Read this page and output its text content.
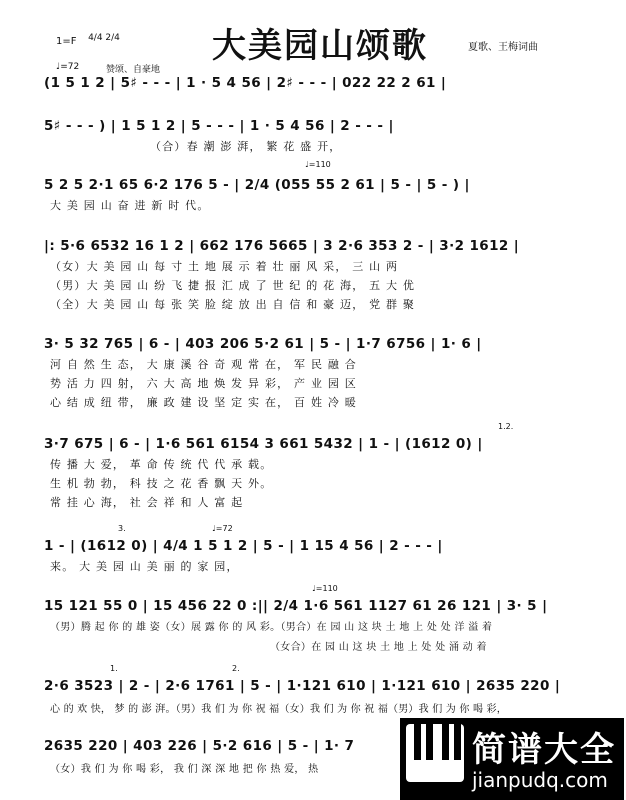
大美园山颂歌	夏歌、王梅词曲
1=F	4/4 2/4
♩=72	赞颂、自豪地
(1 5 1 2 | 5♯ - - - | 1 · 5 4 56 | 2♯ - - - | 022 22 2 61 |
5♯ - - - ) | 1 5 1 2 | 5 - - - | 1 · 5 4 56 | 2 - - - |
（合）春 潮 澎 湃， 繁 花 盛 开，
♩=110
5 2 5 2·1 65 6·2 176 5 - | 2/4 (055 55 2 61 | 5 - | 5 - ) |
大 美 园 山 奋 进 新 时 代。
|: 5·6 6532 16 1 2 | 662 176 5665 | 3 2·6 353 2 - | 3·2 1612 |
（女）大 美 园 山 每 寸 土 地 展 示 着 壮 丽 风 采， 三 山 两
（男）大 美 园 山 纷 飞 捷 报 汇 成 了 世 纪 的 花 海， 五 大 优
（全）大 美 园 山 每 张 笑 脸 绽 放 出 自 信 和 豪 迈， 党 群 聚
3· 5 32 765 | 6 - | 403 206 5·2 61 | 5 - | 1·7 6756 | 1· 6 |
河 自 然 生 态， 大 康 溪 谷 奇 观 常 在， 军 民 融 合
势 活 力 四 射， 六 大 高 地 焕 发 异 彩， 产 业 园 区
心 结 成 纽 带， 廉 政 建 设 坚 定 实 在， 百 姓 冷 暖
1.2.
3·7 675 | 6 - | 1·6 561 6154 3 661 5432 | 1 - | (1612 0) |
传 播 大 爱， 革 命 传 统 代 代 承 载。
生 机 勃 勃， 科 技 之 花 香 飘 天 外。
常 挂 心 海， 社 会 祥 和 人 富 起
3.	♩=72
1 - | (1612 0) | 4/4 1 5 1 2 | 5 - | 1 15 4 56 | 2 - - - |
来。 大 美 园 山 美 丽 的 家 园，
♩=110
15 121 55 0 | 15 456 22 0 :|| 2/4 1·6 561 1127 61 26 121 | 3· 5 |
（男）腾 起 你 的 雄 姿（女）展 露 你 的 风 彩。（男合）在 园 山 这 块 土 地 上 处 处 洋 溢 着
（女合）在 园 山 这 块 土 地 上 处 处 涌 动 着
1.	2.
2·6 3523 | 2 - | 2·6 1761 | 5 - | 1·121 610 | 1·121 610 | 2635 220 |
心 的 欢 快， 梦 的 澎 湃。（男）我 们 为 你 祝 福（女）我 们 为 你 祝 福（男）我 们 为 你 喝 彩，
2635 220 | 403 226 | 5·2 616 | 5 - | 1· 7
（女）我 们 为 你 喝 彩， 我 们 深 深 地 把 你 热 爱， 热	简谱大全
jianpudq.com
